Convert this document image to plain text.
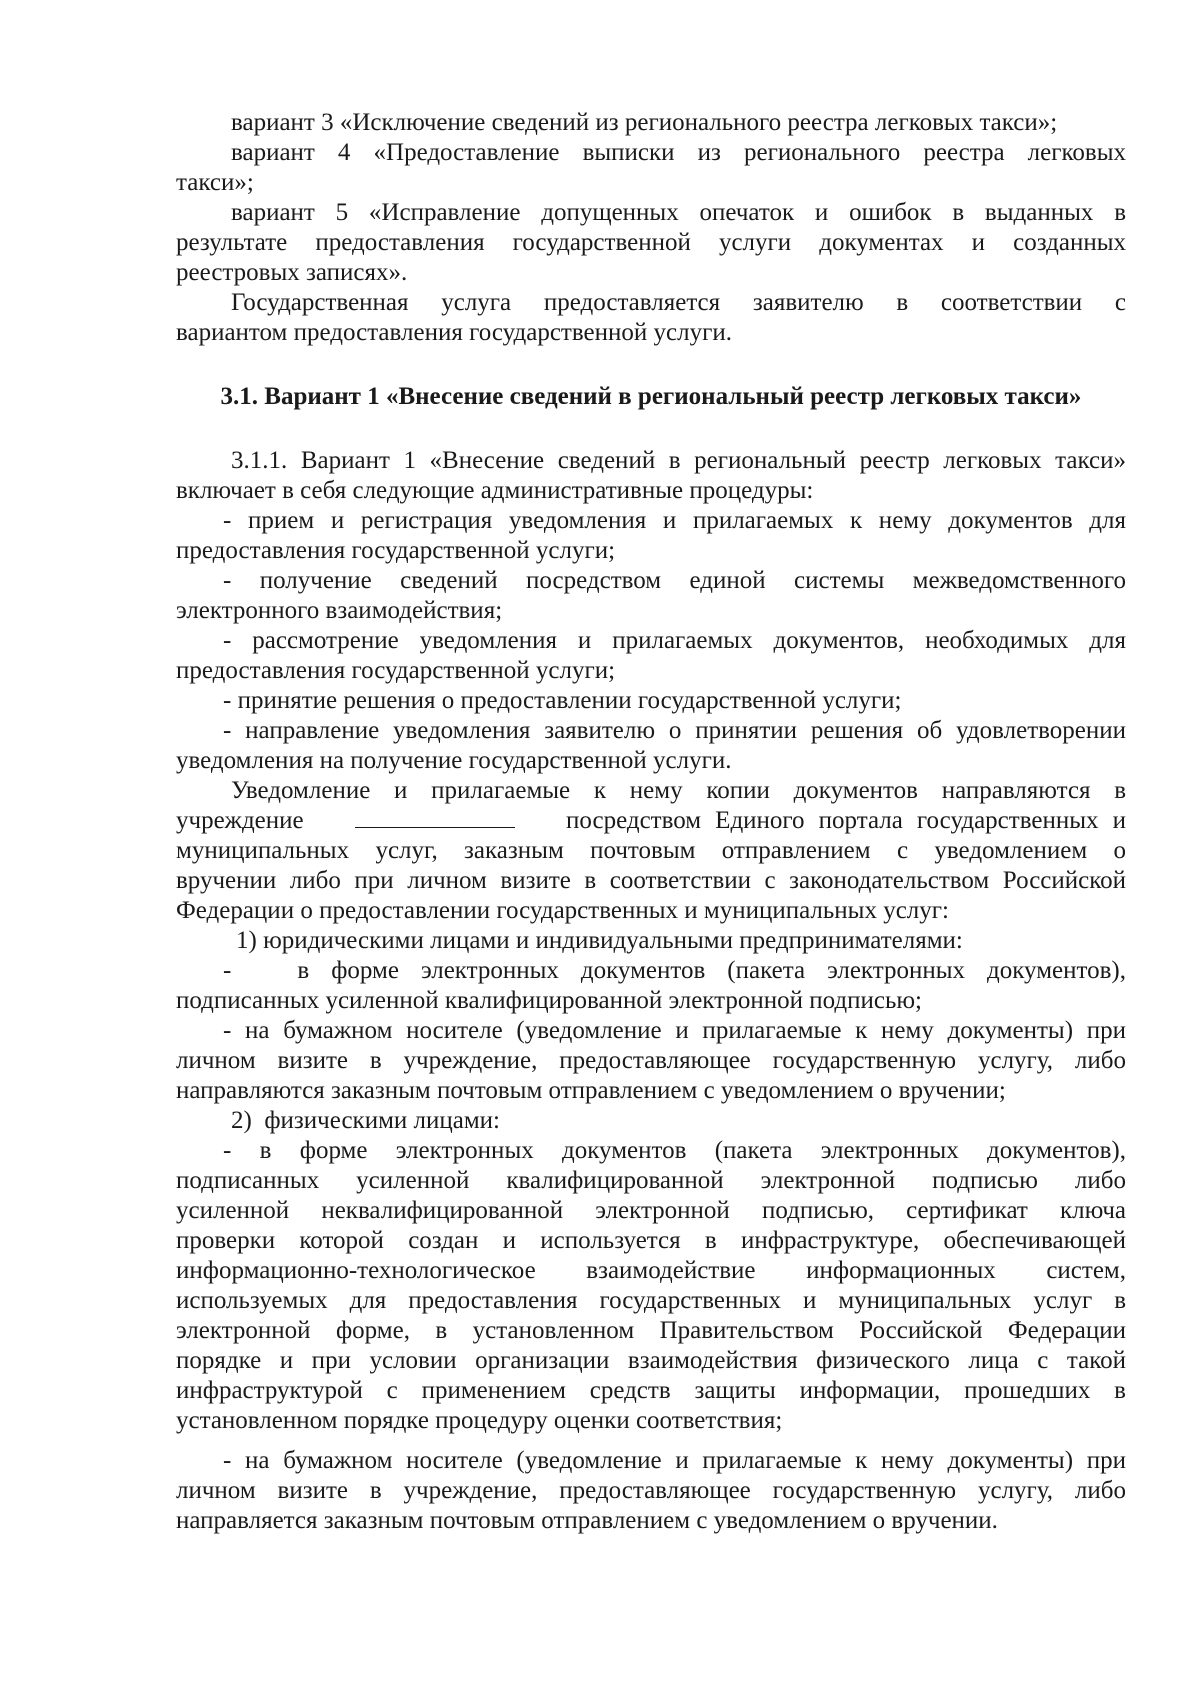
вариант 3 «Исключение сведений из регионального реестра легковых такси»;
вариант 4 «Предоставление выписки из регионального реестра легковых
такси»;
вариант 5 «Исправление допущенных опечаток и ошибок в выданных в
результате предоставления государственной услуги документах и созданных
реестровых записях».
Государственная услуга предоставляется заявителю в соответствии с
вариантом предоставления государственной услуги.
3.1. Вариант 1 «Внесение сведений в региональный реестр легковых такси»
3.1.1. Вариант 1 «Внесение сведений в региональный реестр легковых такси»
включает в себя следующие административные процедуры:
- прием и регистрация уведомления и прилагаемых к нему документов для
предоставления государственной услуги;
- получение сведений посредством единой системы межведомственного
электронного взаимодействия;
- рассмотрение уведомления и прилагаемых документов, необходимых для
предоставления государственной услуги;
- принятие решения о предоставлении государственной услуги;
- направление уведомления заявителю о принятии решения об удовлетворении
уведомления на получение государственной услуги.
Уведомление и прилагаемые к нему копии документов направляются в
учреждение	посредством Единого портала государственных и
муниципальных услуг, заказным почтовым отправлением с уведомлением о
вручении либо при личном визите в соответствии с законодательством Российской
Федерации о предоставлении государственных и муниципальных услуг:
1) юридическими лицами и индивидуальными предпринимателями:
-   в форме электронных документов (пакета электронных документов),
подписанных усиленной квалифицированной электронной подписью;
- на бумажном носителе (уведомление и прилагаемые к нему документы) при
личном визите в учреждение, предоставляющее государственную услугу, либо
направляются заказным почтовым отправлением с уведомлением о вручении;
2)  физическими лицами:
- в форме электронных документов (пакета электронных документов),
подписанных усиленной квалифицированной электронной подписью либо
усиленной неквалифицированной электронной подписью, сертификат ключа
проверки которой создан и используется в инфраструктуре, обеспечивающей
информационно-технологическое взаимодействие информационных систем,
используемых для предоставления государственных и муниципальных услуг в
электронной форме, в установленном Правительством Российской Федерации
порядке и при условии организации взаимодействия физического лица с такой
инфраструктурой с применением средств защиты информации, прошедших в
установленном порядке процедуру оценки соответствия;
- на бумажном носителе (уведомление и прилагаемые к нему документы) при
личном визите в учреждение, предоставляющее государственную услугу, либо
направляется заказным почтовым отправлением с уведомлением о вручении.
